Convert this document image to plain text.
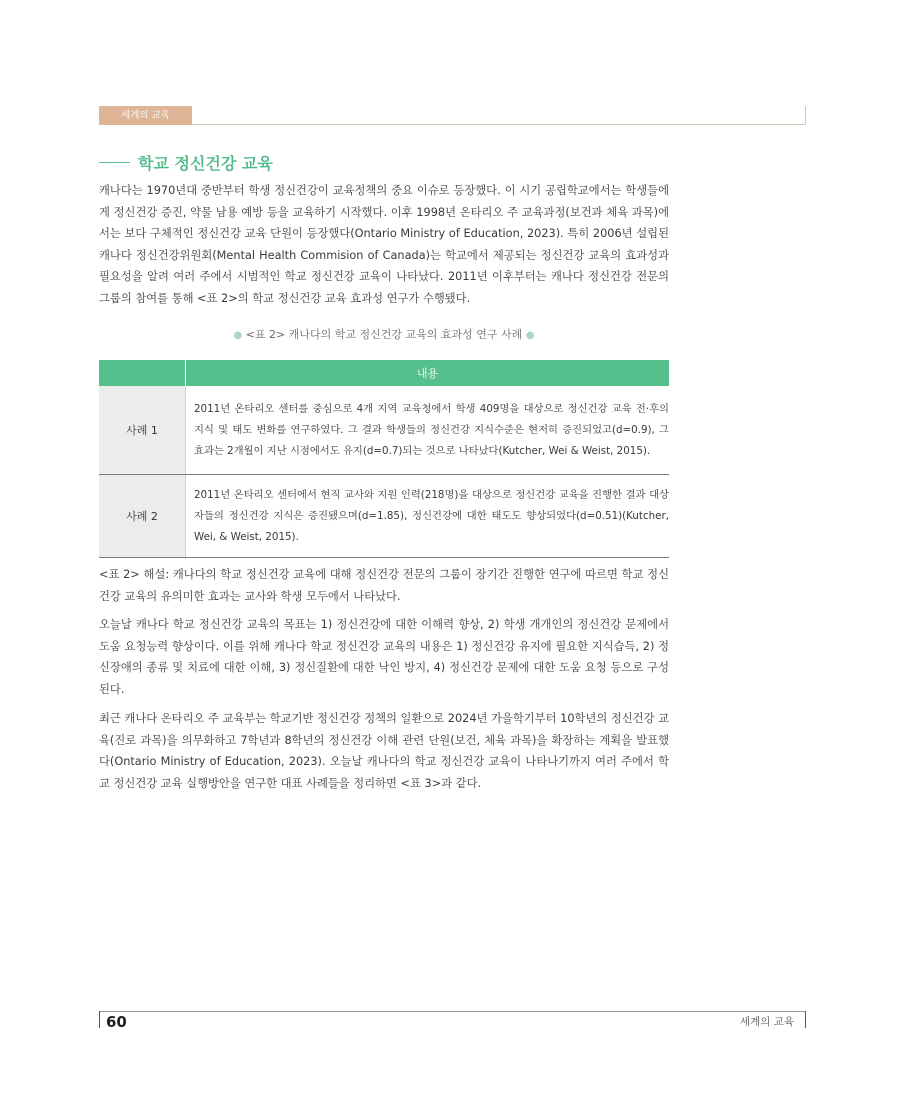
세계의 교육
학교 정신건강 교육

캐나다는 1970년대 중반부터 학생 정신건강이 교육정책의 중요 이슈로 등장했다. 이 시기 공립학교에서는 학생들에게 정신건강 증진, 약물 남용 예방 등을 교육하기 시작했다. 이후 1998년 온타리오 주 교육과정(보건과 체육 과목)에서는 보다 구체적인 정신건강 교육 단원이 등장했다(Ontario Ministry of Education, 2023). 특히 2006년 설립된 캐나다 정신건강위원회(Mental Health Commision of Canada)는 학교에서 제공되는 정신건강 교육의 효과성과 필요성을 알려 여러 주에서 시범적인 학교 정신건강 교육이 나타났다. 2011년 이후부터는 캐나다 정신건강 전문의 그룹의 참여를 통해 <표 2>의 학교 정신건강 교육 효과성 연구가 수행됐다.

● <표 2> 캐나다의 학교 정신건강 교육의 효과성 연구 사례 ●
	내용
사례 1	2011년 온타리오 센터를 중심으로 4개 지역 교육청에서 학생 409명을 대상으로 정신건강 교육 전·후의 지식 및 태도 변화를 연구하였다. 그 결과 학생들의 정신건강 지식수준은 현저히 증진되었고(d=0.9), 그 효과는 2개월이 지난 시점에서도 유지(d=0.7)되는 것으로 나타났다(Kutcher, Wei & Weist, 2015).
사례 2	2011년 온타리오 센터에서 현직 교사와 지원 인력(218명)을 대상으로 정신건강 교육을 진행한 결과 대상자들의 정신건강 지식은 증진됐으며(d=1.85), 정신건강에 대한 태도도 향상되었다(d=0.51)(Kutcher, Wei, & Weist, 2015).

<표 2> 해설: 캐나다의 학교 정신건강 교육에 대해 정신건강 전문의 그룹이 장기간 진행한 연구에 따르면 학교 정신건강 교육의 유의미한 효과는 교사와 학생 모두에서 나타났다.

오늘날 캐나다 학교 정신건강 교육의 목표는 1) 정신건강에 대한 이해력 향상, 2) 학생 개개인의 정신건강 문제에서 도움 요청능력 향상이다. 이를 위해 캐나다 학교 정신건강 교육의 내용은 1) 정신건강 유지에 필요한 지식습득, 2) 정신장애의 종류 및 치료에 대한 이해, 3) 정신질환에 대한 낙인 방지, 4) 정신건강 문제에 대한 도움 요청 등으로 구성된다.

최근 캐나다 온타리오 주 교육부는 학교기반 정신건강 정책의 일환으로 2024년 가을학기부터 10학년의 정신건강 교육(진로 과목)을 의무화하고 7학년과 8학년의 정신건강 이해 관련 단원(보건, 체육 과목)을 확장하는 계획을 발표했다(Ontario Ministry of Education, 2023). 오늘날 캐나다의 학교 정신건강 교육이 나타나기까지 여러 주에서 학교 정신건강 교육 실행방안을 연구한 대표 사례들을 정리하면 <표 3>과 같다.

60	세계의 교육
